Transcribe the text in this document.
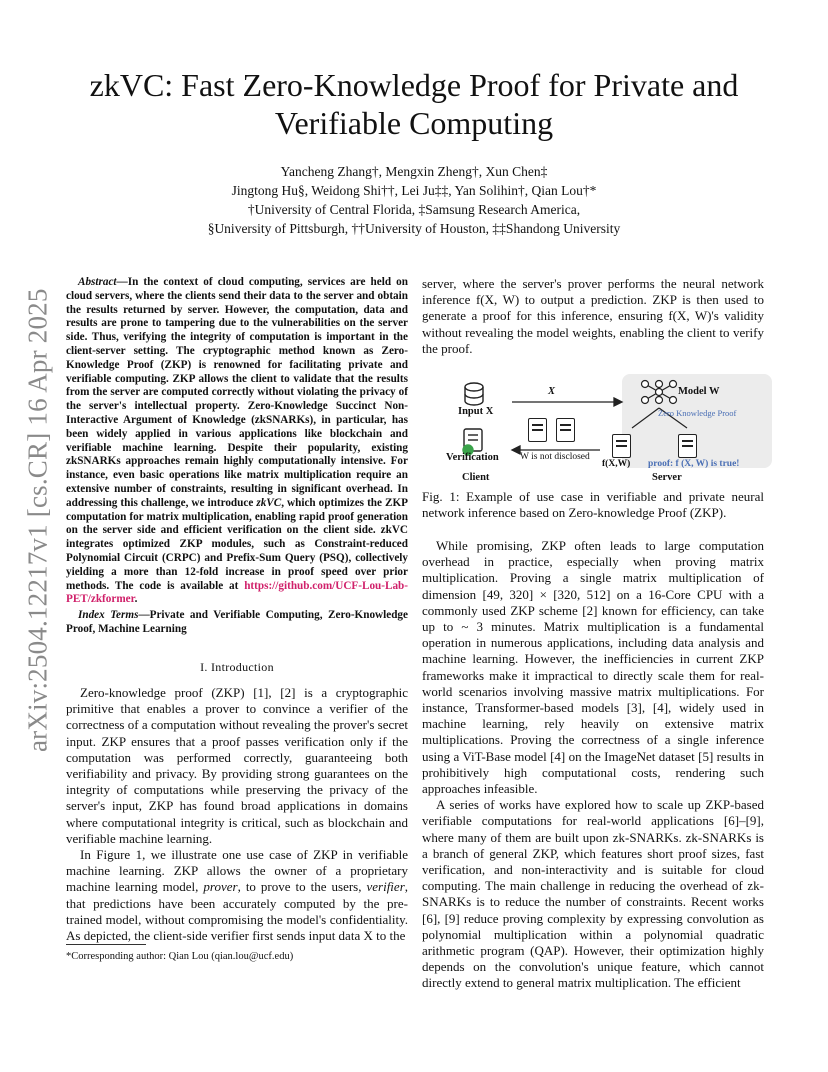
arXiv:2504.12217v1 [cs.CR] 16 Apr 2025
zkVC: Fast Zero-Knowledge Proof for Private and
Verifiable Computing
Yancheng Zhang†, Mengxin Zheng†, Xun Chen‡
Jingtong Hu§, Weidong Shi††, Lei Ju‡‡, Yan Solihin†, Qian Lou†*
†University of Central Florida, ‡Samsung Research America,
§University of Pittsburgh, ††University of Houston, ‡‡Shandong University

Abstract—In the context of cloud computing, services are held on cloud servers, where the clients send their data to the server and obtain the results returned by server. However, the computation, data and results are prone to tampering due to the vulnerabilities on the server side. Thus, verifying the integrity of computation is important in the client-server setting. The cryptographic method known as Zero-Knowledge Proof (ZKP) is renowned for facilitating private and verifiable computing. ZKP allows the client to validate that the results from the server are computed correctly without violating the privacy of the server's intellectual property. Zero-Knowledge Succinct Non-Interactive Argument of Knowledge (zkSNARKs), in particular, has been widely applied in various applications like blockchain and verifiable machine learning. Despite their popularity, existing zkSNARKs approaches remain highly computationally intensive. For instance, even basic operations like matrix multiplication require an extensive number of constraints, resulting in significant overhead. In addressing this challenge, we introduce zkVC, which optimizes the ZKP computation for matrix multiplication, enabling rapid proof generation on the server side and efficient verification on the client side. zkVC integrates optimized ZKP modules, such as Constraint-reduced Polynomial Circuit (CRPC) and Prefix-Sum Query (PSQ), collectively yielding a more than 12-fold increase in proof speed over prior methods. The code is available at https://github.com/UCF-Lou-Lab-PET/zkformer.

Index Terms—Private and Verifiable Computing, Zero-Knowledge Proof, Machine Learning

I. Introduction

Zero-knowledge proof (ZKP) [1], [2] is a cryptographic primitive that enables a prover to convince a verifier of the correctness of a computation without revealing the prover's secret input. ZKP ensures that a proof passes verification only if the computation was performed correctly, guaranteeing both verifiability and privacy. By providing strong guarantees on the integrity of computations while preserving the privacy of the server's input, ZKP has found broad applications in domains where computational integrity is critical, such as blockchain and verifiable machine learning.

In Figure 1, we illustrate one use case of ZKP in verifiable machine learning. ZKP allows the owner of a proprietary machine learning model, prover, to prove to the users, verifier, that predictions have been accurately computed by the pre-trained model, without compromising the model's confidentiality. As depicted, the client-side verifier first sends input data X to the

*Corresponding author: Qian Lou (qian.lou@ucf.edu)

server, where the server's prover performs the neural network inference f(X, W) to output a prediction. ZKP is then used to generate a proof for this inference, ensuring f(X, W)'s validity without revealing the model weights, enabling the client to verify the proof.

Input X
X	Model W
Zero Knowledge Proof
Verification W is not disclosed
f(X,W) proof: f (X, W) is true!
Client	Server
Fig. 1: Example of use case in verifiable and private neural network inference based on Zero-knowledge Proof (ZKP).

While promising, ZKP often leads to large computation overhead in practice, especially when proving matrix multiplication. Proving a single matrix multiplication of dimension [49, 320] × [320, 512] on a 16-Core CPU with a commonly used ZKP scheme [2] known for efficiency, can take up to ~ 3 minutes. Matrix multiplication is a fundamental operation in numerous applications, including data analysis and machine learning. However, the inefficiencies in current ZKP frameworks make it impractical to directly scale them for real-world scenarios involving massive matrix multiplications. For instance, Transformer-based models [3], [4], widely used in machine learning, rely heavily on extensive matrix multiplications. Proving the correctness of a single inference using a ViT-Base model [4] on the ImageNet dataset [5] results in prohibitively high computational costs, rendering such approaches infeasible.

A series of works have explored how to scale up ZKP-based verifiable computations for real-world applications [6]–[9], where many of them are built upon zk-SNARKs. zk-SNARKs is a branch of general ZKP, which features short proof sizes, fast verification, and non-interactivity and is suitable for cloud computing. The main challenge in reducing the overhead of zk-SNARKs is to reduce the number of constraints. Recent works [6], [9] reduce proving complexity by expressing convolution as polynomial multiplication within a polynomial quadratic arithmetic program (QAP). However, their optimization highly depends on the convolution's unique feature, which cannot directly extend to general matrix multiplication. The efficient
